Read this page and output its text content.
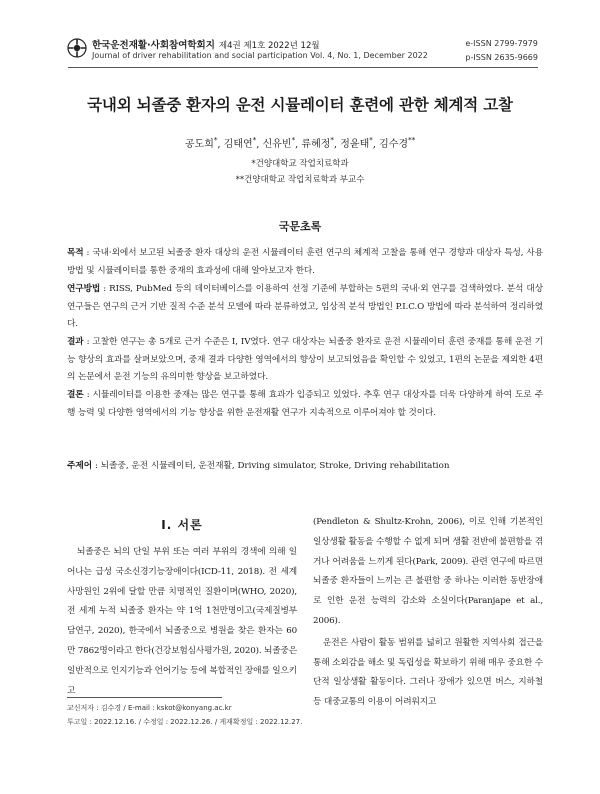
한국운전재활·사회참여학회지 제4권 제1호 2022년 12월
Journal of driver rehabilitation and social participation Vol. 4, No. 1, December 2022
e-ISSN 2799-7979
p-ISSN 2635-9669
국내외 뇌졸중 환자의 운전 시뮬레이터 훈련에 관한 체계적 고찰
공도희*, 김태연*, 신유빈*, 류혜정*, 정윤태*, 김수경**
*건양대학교 작업치료학과
**건양대학교 작업치료학과 부교수
국문초록
목적 : 국내·외에서 보고된 뇌졸중 환자 대상의 운전 시뮬레이터 훈련 연구의 체계적 고찰을 통해 연구 경향과 대상자 특성, 사용 방법 및 시뮬레이터를 통한 중재의 효과성에 대해 알아보고자 한다.
연구방법 : RISS, PubMed 등의 데이터베이스를 이용하여 선정 기준에 부합하는 5편의 국내·외 연구를 검색하였다. 분석 대상 연구들은 연구의 근거 기반 질적 수준 분석 모델에 따라 분류하였고, 임상적 분석 방법인 P.I.C.O 방법에 따라 분석하여 정리하였다.
결과 : 고찰한 연구는 총 5개로 근거 수준은 I, IV였다. 연구 대상자는 뇌졸중 환자로 운전 시뮬레이터 훈련 중재를 통해 운전 기능 향상의 효과를 살펴보았으며, 중재 결과 다양한 영역에서의 향상이 보고되었음을 확인할 수 있었고, 1편의 논문을 제외한 4편의 논문에서 운전 기능의 유의미한 향상을 보고하였다.
결론 : 시뮬레이터를 이용한 중재는 많은 연구를 통해 효과가 입증되고 있었다. 추후 연구 대상자를 더욱 다양하게 하여 도로 주행 능력 및 다양한 영역에서의 기능 향상을 위한 운전재활 연구가 지속적으로 이루어져야 할 것이다.
주제어 : 뇌졸중, 운전 시뮬레이터, 운전재활, Driving simulator, Stroke, Driving rehabilitation
Ⅰ. 서론
뇌졸중은 뇌의 단일 부위 또는 여러 부위의 경색에 의해 일어나는 급성 국소신경기능장애이다(ICD-11, 2018). 전 세계 사망원인 2위에 달할 만큼 치명적인 질환이며(WHO, 2020), 전 세계 누적 뇌졸중 환자는 약 1억 1천만명이고(국제질병부담연구, 2020), 한국에서 뇌졸중으로 병원을 찾은 환자는 60만 7862명이라고 한다(건강보험심사평가원, 2020). 뇌졸중은 일반적으로 인지기능과 언어기능 등에 복합적인 장애를 일으키고
(Pendleton & Shultz-Krohn, 2006), 이로 인해 기본적인 일상생활 활동을 수행할 수 없게 되며 생활 전반에 불편함을 겪거나 어려움을 느끼게 된다(Park, 2009). 관련 연구에 따르면 뇌졸중 환자들이 느끼는 큰 불편함 중 하나는 이러한 동반장애로 인한 운전 능력의 감소와 소실이다(Paranjape et al., 2006).
운전은 사람이 활동 범위를 넓히고 원활한 지역사회 접근을 통해 소외감을 해소 및 독립성을 확보하기 위해 매우 중요한 수단적 일상생활 활동이다. 그러나 장애가 있으면 버스, 지하철 등 대중교통의 이용이 어려워지고
교신저자 : 김수경 / E-mail : kskot@konyang.ac.kr
투고일 : 2022.12.16. / 수정일 : 2022.12.26. / 게재확정일 : 2022.12.27.
